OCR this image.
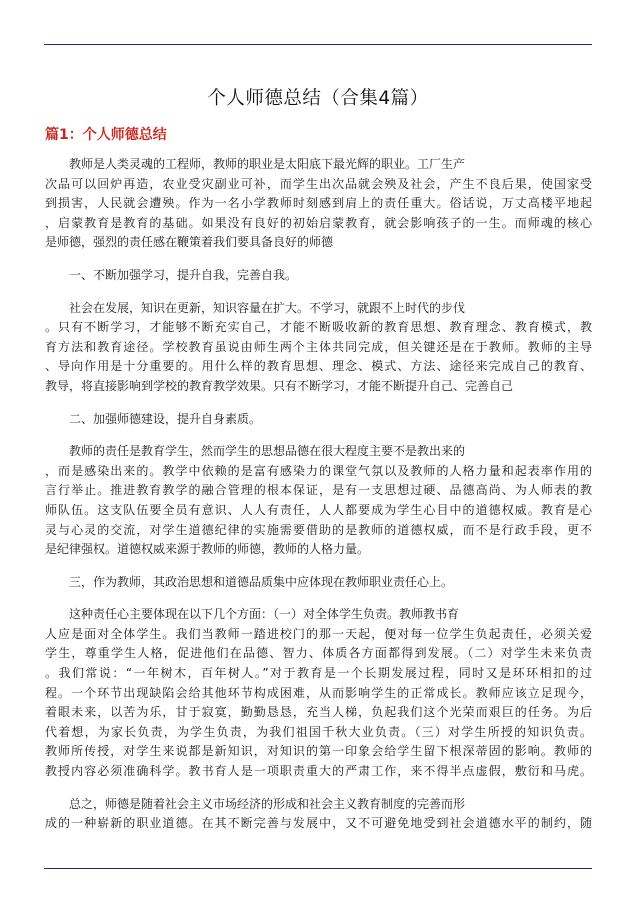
个人师德总结（合集4篇）
篇1：个人师德总结
教师是人类灵魂的工程师，教师的职业是太阳底下最光辉的职业。工厂生产
次品可以回炉再造，农业受灾副业可补，而学生出次品就会殃及社会，产生不良后果，使国家受
到损害，人民就会遭殃。作为一名小学教师时刻感到肩上的责任重大。俗话说，万丈高楼平地起
，启蒙教育是教育的基础。如果没有良好的初始启蒙教育，就会影响孩子的一生。而师魂的核心
是师德，强烈的责任感在鞭策着我们要具备良好的师德
一、不断加强学习，提升自我，完善自我。
社会在发展，知识在更新，知识容量在扩大。不学习，就跟不上时代的步伐
。只有不断学习，才能够不断充实自己，才能不断吸收新的教育思想、教育理念、教育模式，教
育方法和教育途径。学校教育虽说由师生两个主体共同完成，但关键还是在于教师。教师的主导
、导向作用是十分重要的。用什么样的教育思想、理念、模式、方法、途径来完成自己的教育、
教导，将直接影响到学校的教育教学效果。只有不断学习，才能不断提升自己、完善自己
二、加强师德建设，提升自身素质。
教师的责任是教育学生，然而学生的思想品德在很大程度主要不是教出来的
，而是感染出来的。教学中依赖的是富有感染力的课堂气氛以及教师的人格力量和起表率作用的
言行举止。推进教育教学的融合管理的根本保证，是有一支思想过硬、品德高尚、为人师表的教
师队伍。这支队伍要全员有意识、人人有责任，人人都要成为学生心目中的道德权威。教育是心
灵与心灵的交流，对学生道德纪律的实施需要借助的是教师的道德权威，而不是行政手段，更不
是纪律强权。道德权威来源于教师的师德，教师的人格力量。
三，作为教师，其政治思想和道德品质集中应体现在教师职业责任心上。
这种责任心主要体现在以下几个方面：（一）对全体学生负责。教师教书育
人应是面对全体学生。我们当教师一踏进校门的那一天起，便对每一位学生负起责任，必须关爱
学生，尊重学生人格，促进他们在品德、智力、体质各方面都得到发展。（二）对学生未来负责
。我们常说：“一年树木，百年树人。”对于教育是一个长期发展过程，同时又是环环相扣的过
程。一个环节出现缺陷会给其他环节构成困难，从而影响学生的正常成长。教师应该立足现今，
着眼未来，以苦为乐，甘于寂寞，勤勤恳恳，充当人梯，负起我们这个光荣而艰巨的任务。为后
代着想，为家长负责，为学生负责，为我们祖国千秋大业负责。（三）对学生所授的知识负责。
教师所传授，对学生来说都是新知识，对知识的第一印象会给学生留下根深蒂固的影响。教师的
教授内容必须准确科学。教书育人是一项职责重大的严肃工作，来不得半点虚假，敷衍和马虎。
总之，师德是随着社会主义市场经济的形成和社会主义教育制度的完善而形
成的一种崭新的职业道德。在其不断完善与发展中，又不可避免地受到社会道德水平的制约，随
